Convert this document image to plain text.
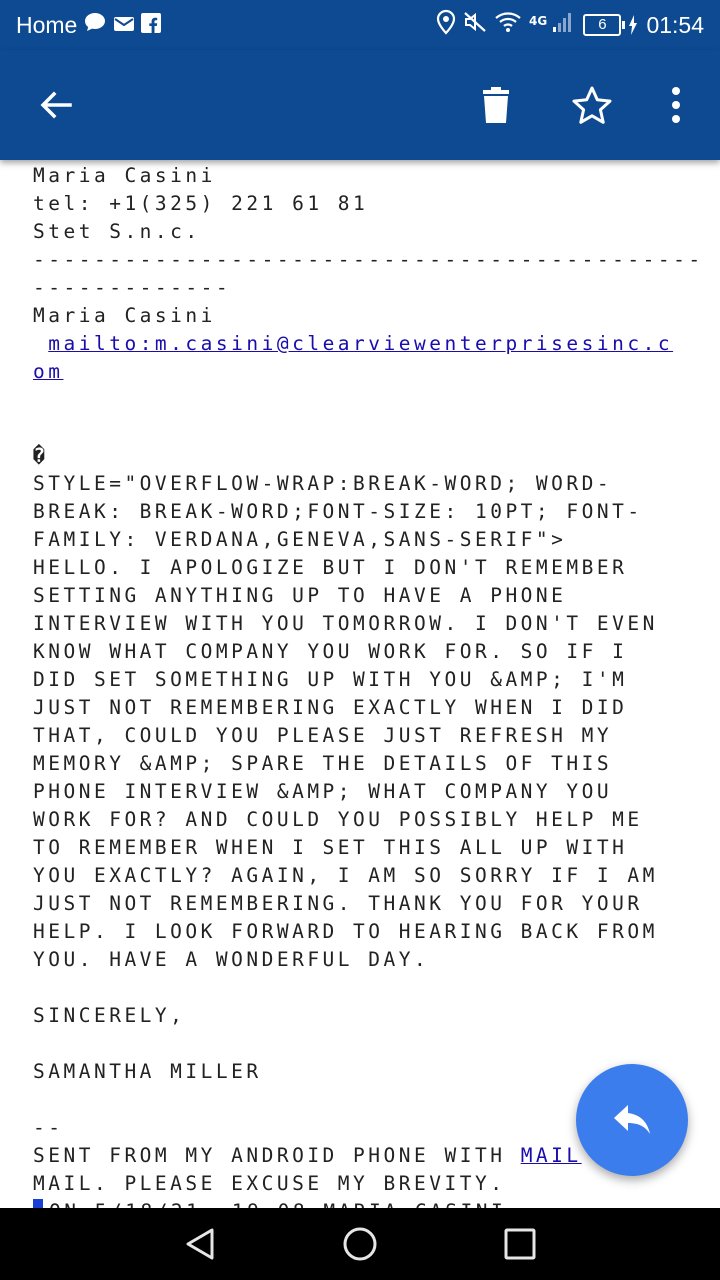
Home	4G	6 01:54
Maria Casini
tel: +1(325) 221 61 81
Stet S.n.c.
--------------------------------------------
-------------
Maria Casini
mailto:m.casini@clearviewenterprisesinc.c
om

�
STYLE="OVERFLOW-WRAP:BREAK-WORD; WORD-
BREAK: BREAK-WORD;FONT-SIZE: 10PT; FONT-
FAMILY: VERDANA,GENEVA,SANS-SERIF">
HELLO. I APOLOGIZE BUT I DON'T REMEMBER
SETTING ANYTHING UP TO HAVE A PHONE
INTERVIEW WITH YOU TOMORROW. I DON'T EVEN
KNOW WHAT COMPANY YOU WORK FOR. SO IF I
DID SET SOMETHING UP WITH YOU &AMP; I'M
JUST NOT REMEMBERING EXACTLY WHEN I DID
THAT, COULD YOU PLEASE JUST REFRESH MY
MEMORY &AMP; SPARE THE DETAILS OF THIS
PHONE INTERVIEW &AMP; WHAT COMPANY YOU
WORK FOR? AND COULD YOU POSSIBLY HELP ME
TO REMEMBER WHEN I SET THIS ALL UP WITH
YOU EXACTLY? AGAIN, I AM SO SORRY IF I AM
JUST NOT REMEMBERING. THANK YOU FOR YOUR
HELP. I LOOK FORWARD TO HEARING BACK FROM
YOU. HAVE A WONDERFUL DAY.

SINCERELY,

SAMANTHA MILLER

--
SENT FROM MY ANDROID PHONE WITH MAIL
MAIL. PLEASE EXCUSE MY BREVITY.
